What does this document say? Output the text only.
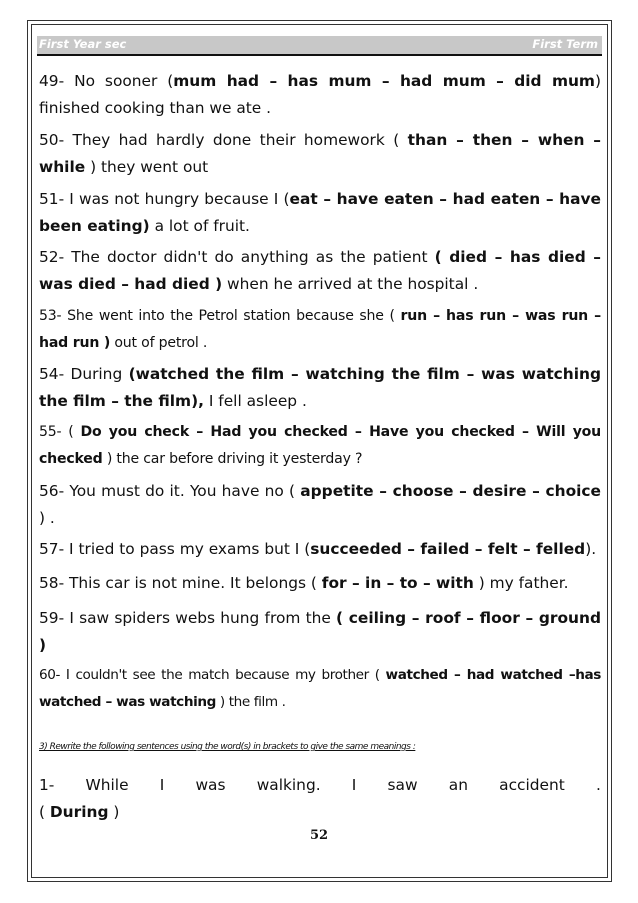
First Year sec	First Term

49- No sooner (mum had – has mum – had mum – did mum) finished cooking than we ate .

50- They had hardly done their homework ( than – then – when – while ) they went out

51- I was not hungry because I (eat – have eaten – had eaten – have been eating) a lot of fruit.

52- The doctor didn't do anything as the patient ( died – has died – was died – had died ) when he arrived at the hospital .

53- She went into the Petrol station because she ( run – has run – was run – had run ) out of petrol .

54- During (watched the film – watching the film – was watching the film – the film), I fell asleep .

55- ( Do you check – Had you checked – Have you checked – Will you checked ) the car before driving it yesterday ?

56- You must do it. You have no ( appetite – choose – desire – choice ) .

57- I tried to pass my exams but I (succeeded – failed – felt – felled).

58- This car is not mine. It belongs ( for – in – to – with ) my father.

59- I saw spiders webs hung from the ( ceiling – roof – floor – ground )

60- I couldn't see the match because my brother ( watched – had watched –has watched – was watching ) the film .

3) Rewrite the following sentences using the word(s) in brackets to give the same meanings :
1- While I was walking. I saw an accident .
( During )
52
